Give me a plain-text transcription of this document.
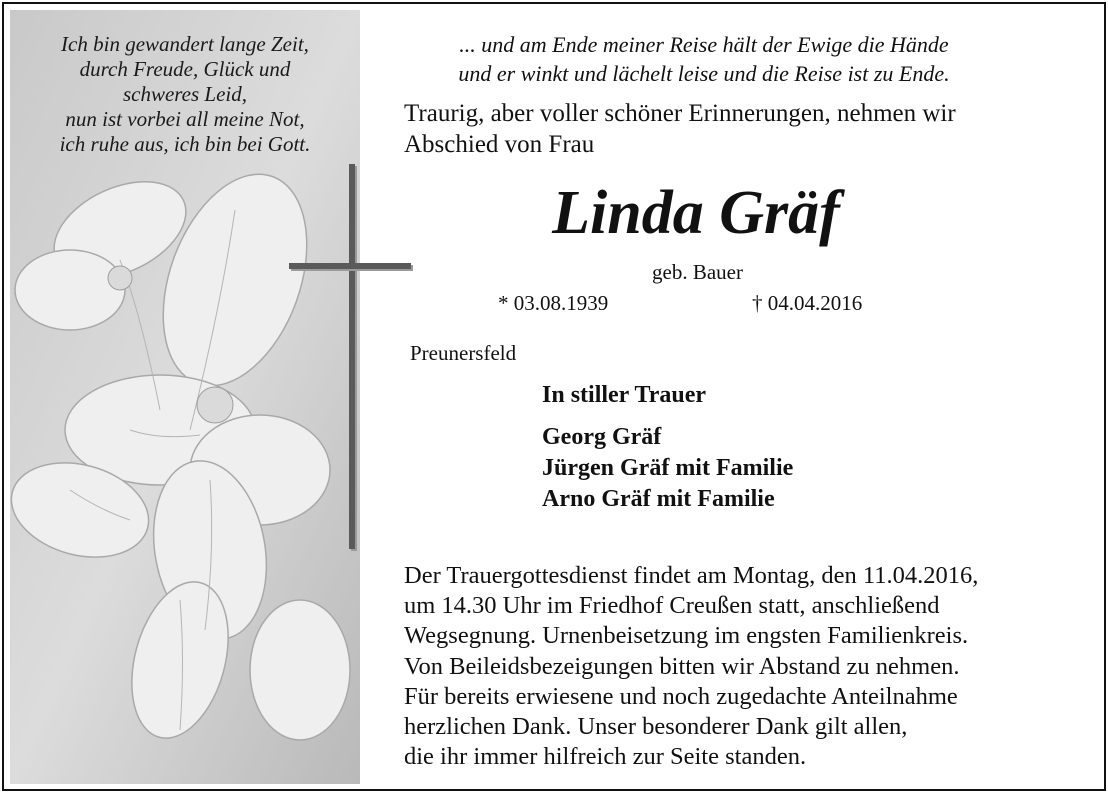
Ich bin gewandert lange Zeit,
durch Freude, Glück und
schweres Leid,
nun ist vorbei all meine Not,
ich ruhe aus, ich bin bei Gott.
... und am Ende meiner Reise hält der Ewige die Hände
und er winkt und lächelt leise und die Reise ist zu Ende.
Traurig, aber voller schöner Erinnerungen, nehmen wir
Abschied von Frau
Linda Gräf
geb. Bauer
* 03.08.1939	† 04.04.2016
Preunersfeld
In stiller Trauer
Georg Gräf
Jürgen Gräf mit Familie
Arno Gräf mit Familie
Der Trauergottesdienst findet am Montag, den 11.04.2016,
um 14.30 Uhr im Friedhof Creußen statt, anschließend
Wegsegnung. Urnenbeisetzung im engsten Familienkreis.
Von Beileidsbezeigungen bitten wir Abstand zu nehmen.
Für bereits erwiesene und noch zugedachte Anteilnahme
herzlichen Dank. Unser besonderer Dank gilt allen,
die ihr immer hilfreich zur Seite standen.
